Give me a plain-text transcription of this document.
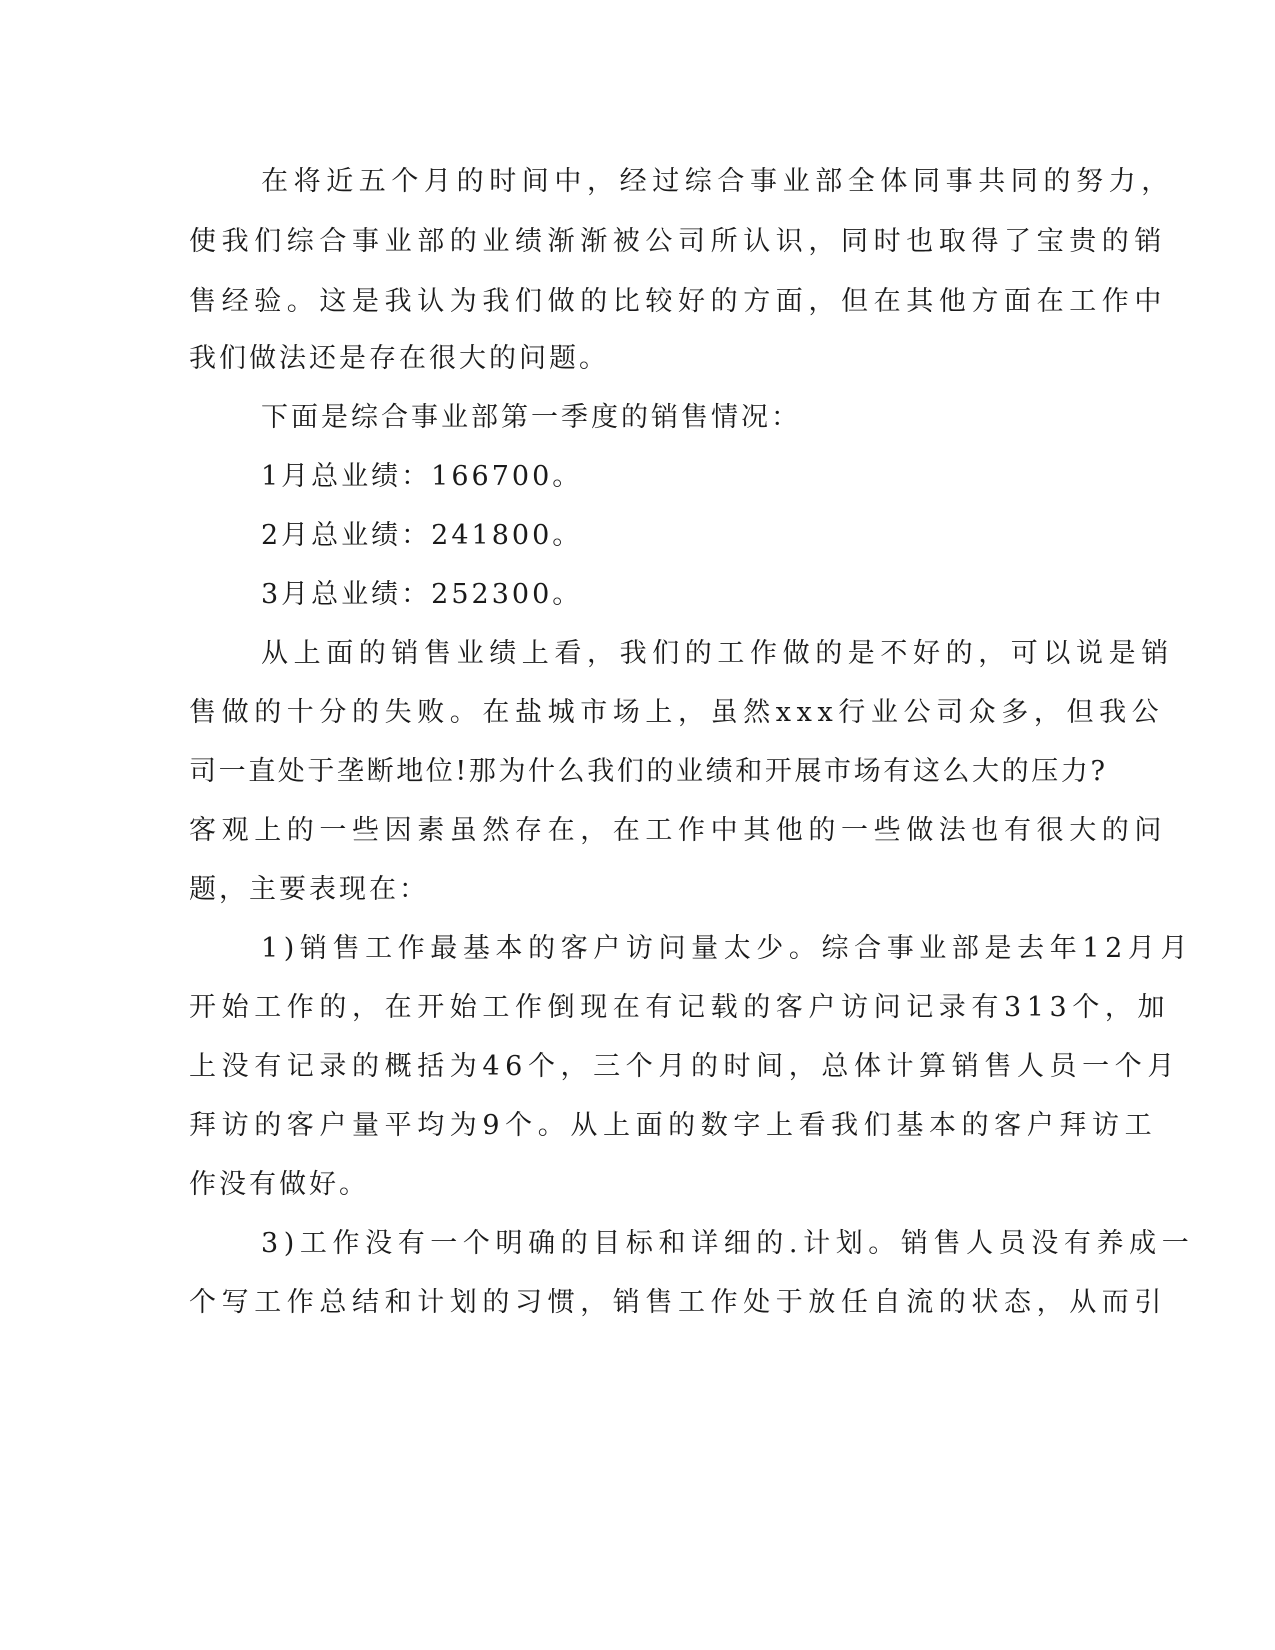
在将近五个月的时间中，经过综合事业部全体同事共同的努力，

使我们综合事业部的业绩渐渐被公司所认识，同时也取得了宝贵的销

售经验。这是我认为我们做的比较好的方面，但在其他方面在工作中

我们做法还是存在很大的问题。

下面是综合事业部第一季度的销售情况：

1月总业绩：166700。

2月总业绩：241800。

3月总业绩：252300。

从上面的销售业绩上看，我们的工作做的是不好的，可以说是销

售做的十分的失败。在盐城市场上，虽然xxx行业公司众多，但我公

司一直处于垄断地位!那为什么我们的业绩和开展市场有这么大的压力?

客观上的一些因素虽然存在，在工作中其他的一些做法也有很大的问

题，主要表现在：

1)销售工作最基本的客户访问量太少。综合事业部是去年12月月

开始工作的，在开始工作倒现在有记载的客户访问记录有313个，加

上没有记录的概括为46个，三个月的时间，总体计算销售人员一个月

拜访的客户量平均为9个。从上面的数字上看我们基本的客户拜访工

作没有做好。

3)工作没有一个明确的目标和详细的.计划。销售人员没有养成一

个写工作总结和计划的习惯，销售工作处于放任自流的状态，从而引
